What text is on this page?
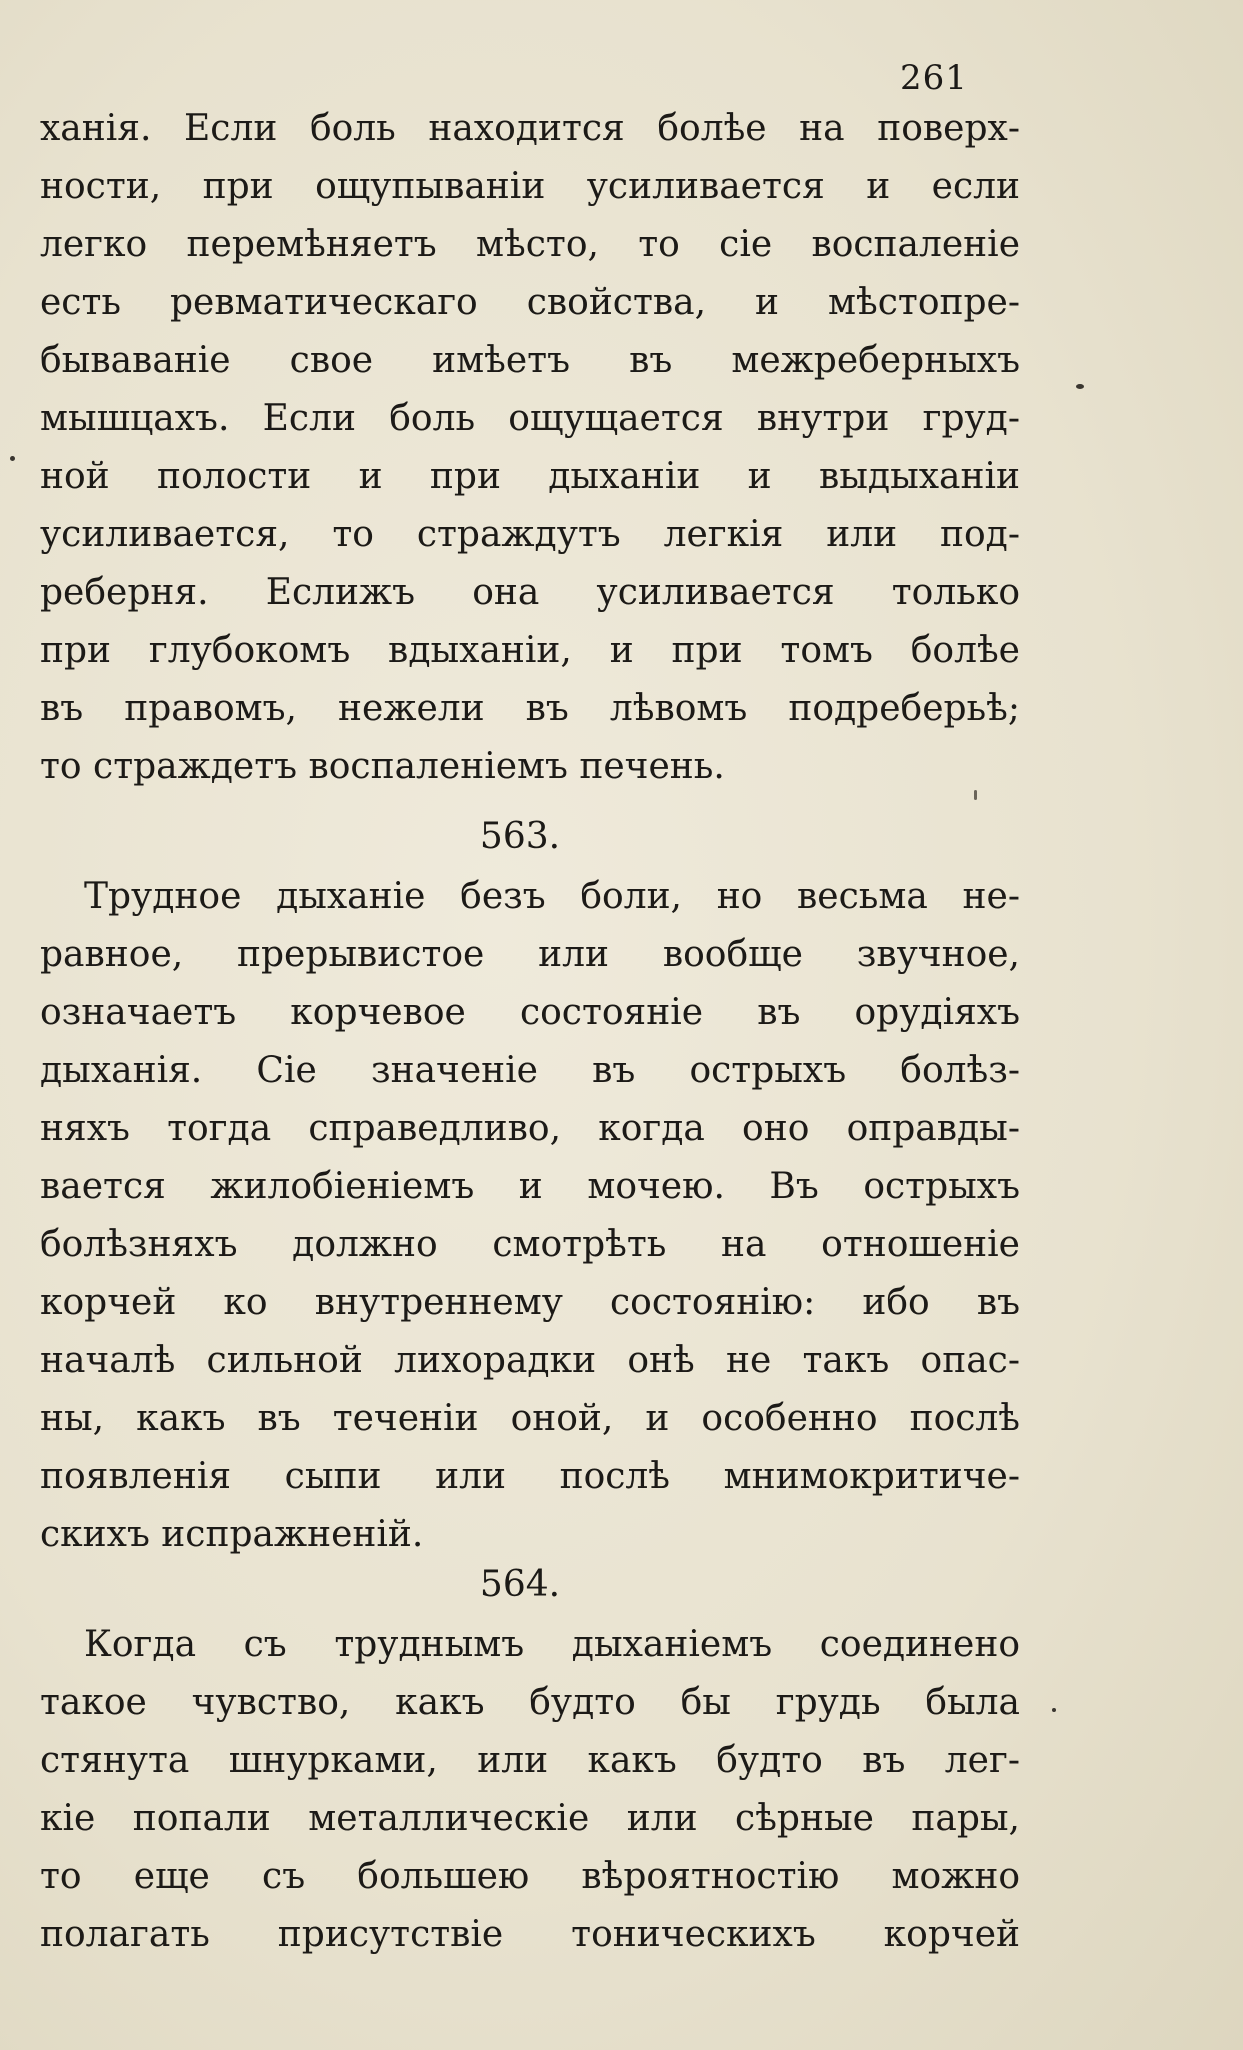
261
ханія. Если боль находится болѣе на поверх-
ности, при ощупываніи усиливается и если
легко перемѣняетъ мѣсто, то сіе воспаленіе
есть ревматическаго свойства, и мѣстопре-
бываваніе свое имѣетъ въ межреберныхъ
мышцахъ. Если боль ощущается внутри груд-
ной полости и при дыханіи и выдыханіи
усиливается, то страждутъ легкія или под-
реберня. Еслижъ она усиливается только
при глубокомъ вдыханіи, и при томъ болѣе
въ правомъ, нежели въ лѣвомъ подреберьѣ;
то страждетъ воспаленіемъ печень.
563.
Трудное дыханіе безъ боли, но весьма не-
равное, прерывистое или вообще звучное,
означаетъ корчевое состояніе въ орудіяхъ
дыханія. Сіе значеніе въ острыхъ болѣз-
няхъ тогда справедливо, когда оно оправды-
вается жилобіеніемъ и мочею. Въ острыхъ
болѣзняхъ должно смотрѣть на отношеніе
корчей ко внутреннему состоянію: ибо въ
началѣ сильной лихорадки онѣ не такъ опас-
ны, какъ въ теченіи оной, и особенно послѣ
появленія сыпи или послѣ мнимокритиче-
скихъ испражненій.
564.
Когда съ труднымъ дыханіемъ соединено
такое чувство, какъ будто бы грудь была
стянута шнурками, или какъ будто въ лег-
кіе попали металлическіе или сѣрные пары,
то еще съ большею вѣроятностію можно
полагать присутствіе тоническихъ корчей
